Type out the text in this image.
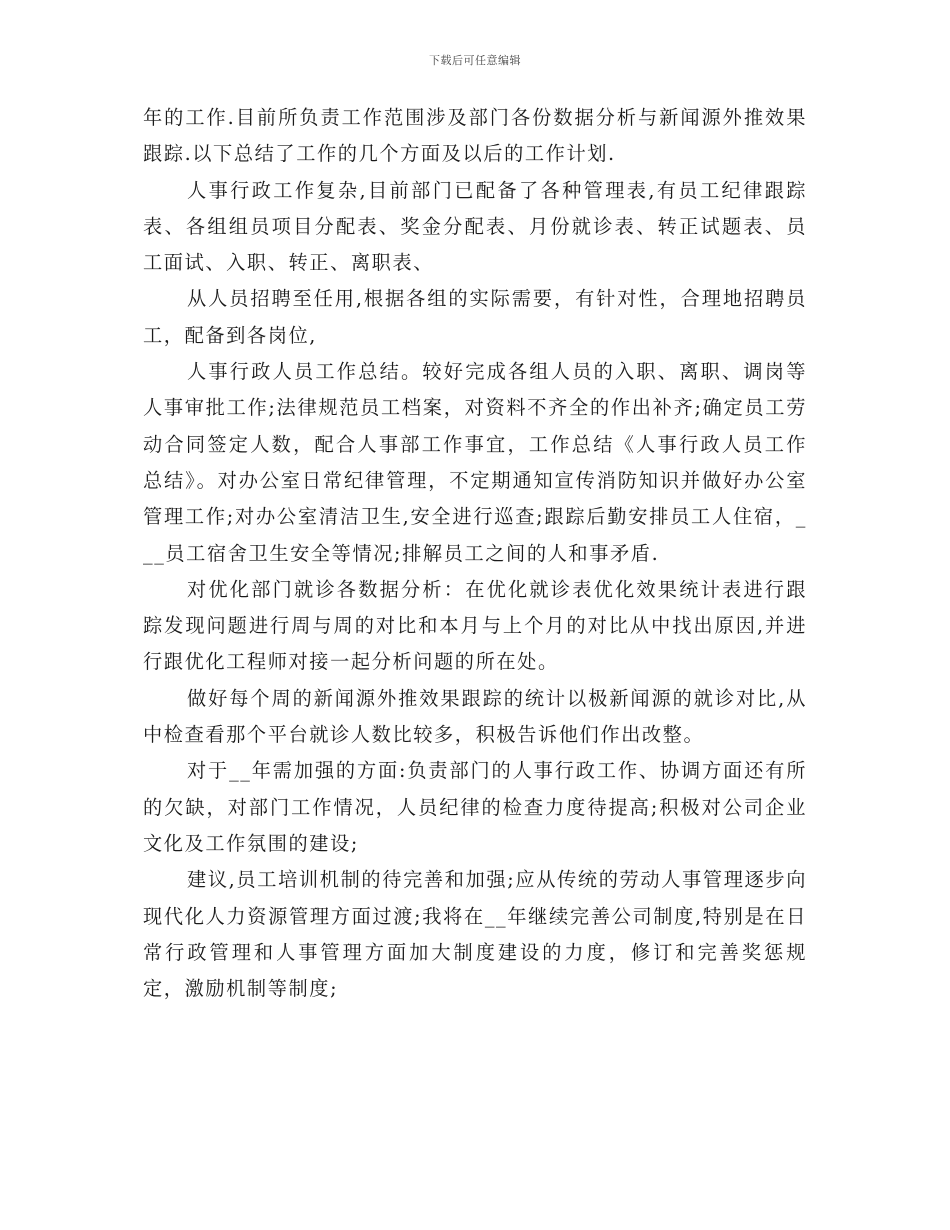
下载后可任意编辑

年的工作.目前所负责工作范围涉及部门各份数据分析与新闻源外推效果跟踪.以下总结了工作的几个方面及以后的工作计划.

人事行政工作复杂,目前部门已配备了各种管理表,有员工纪律跟踪表、各组组员项目分配表、奖金分配表、月份就诊表、转正试题表、员工面试、入职、转正、离职表、

从人员招聘至任用,根据各组的实际需要，有针对性，合理地招聘员工，配备到各岗位,

人事行政人员工作总结。较好完成各组人员的入职、离职、调岗等人事审批工作;法律规范员工档案，对资料不齐全的作出补齐;确定员工劳动合同签定人数，配合人事部工作事宜，工作总结《人事行政人员工作总结》。对办公室日常纪律管理，不定期通知宣传消防知识并做好办公室管理工作;对办公室清洁卫生,安全进行巡查;跟踪后勤安排员工人住宿，___员工宿舍卫生安全等情况;排解员工之间的人和事矛盾.

对优化部门就诊各数据分析：在优化就诊表优化效果统计表进行跟踪发现问题进行周与周的对比和本月与上个月的对比从中找出原因,并进行跟优化工程师对接一起分析问题的所在处。

做好每个周的新闻源外推效果跟踪的统计以极新闻源的就诊对比,从中检查看那个平台就诊人数比较多，积极告诉他们作出改整。

对于__年需加强的方面:负责部门的人事行政工作、协调方面还有所的欠缺，对部门工作情况，人员纪律的检查力度待提高;积极对公司企业文化及工作氛围的建设;

建议,员工培训机制的待完善和加强;应从传统的劳动人事管理逐步向现代化人力资源管理方面过渡;我将在__年继续完善公司制度,特别是在日常行政管理和人事管理方面加大制度建设的力度，修订和完善奖惩规定，激励机制等制度;
